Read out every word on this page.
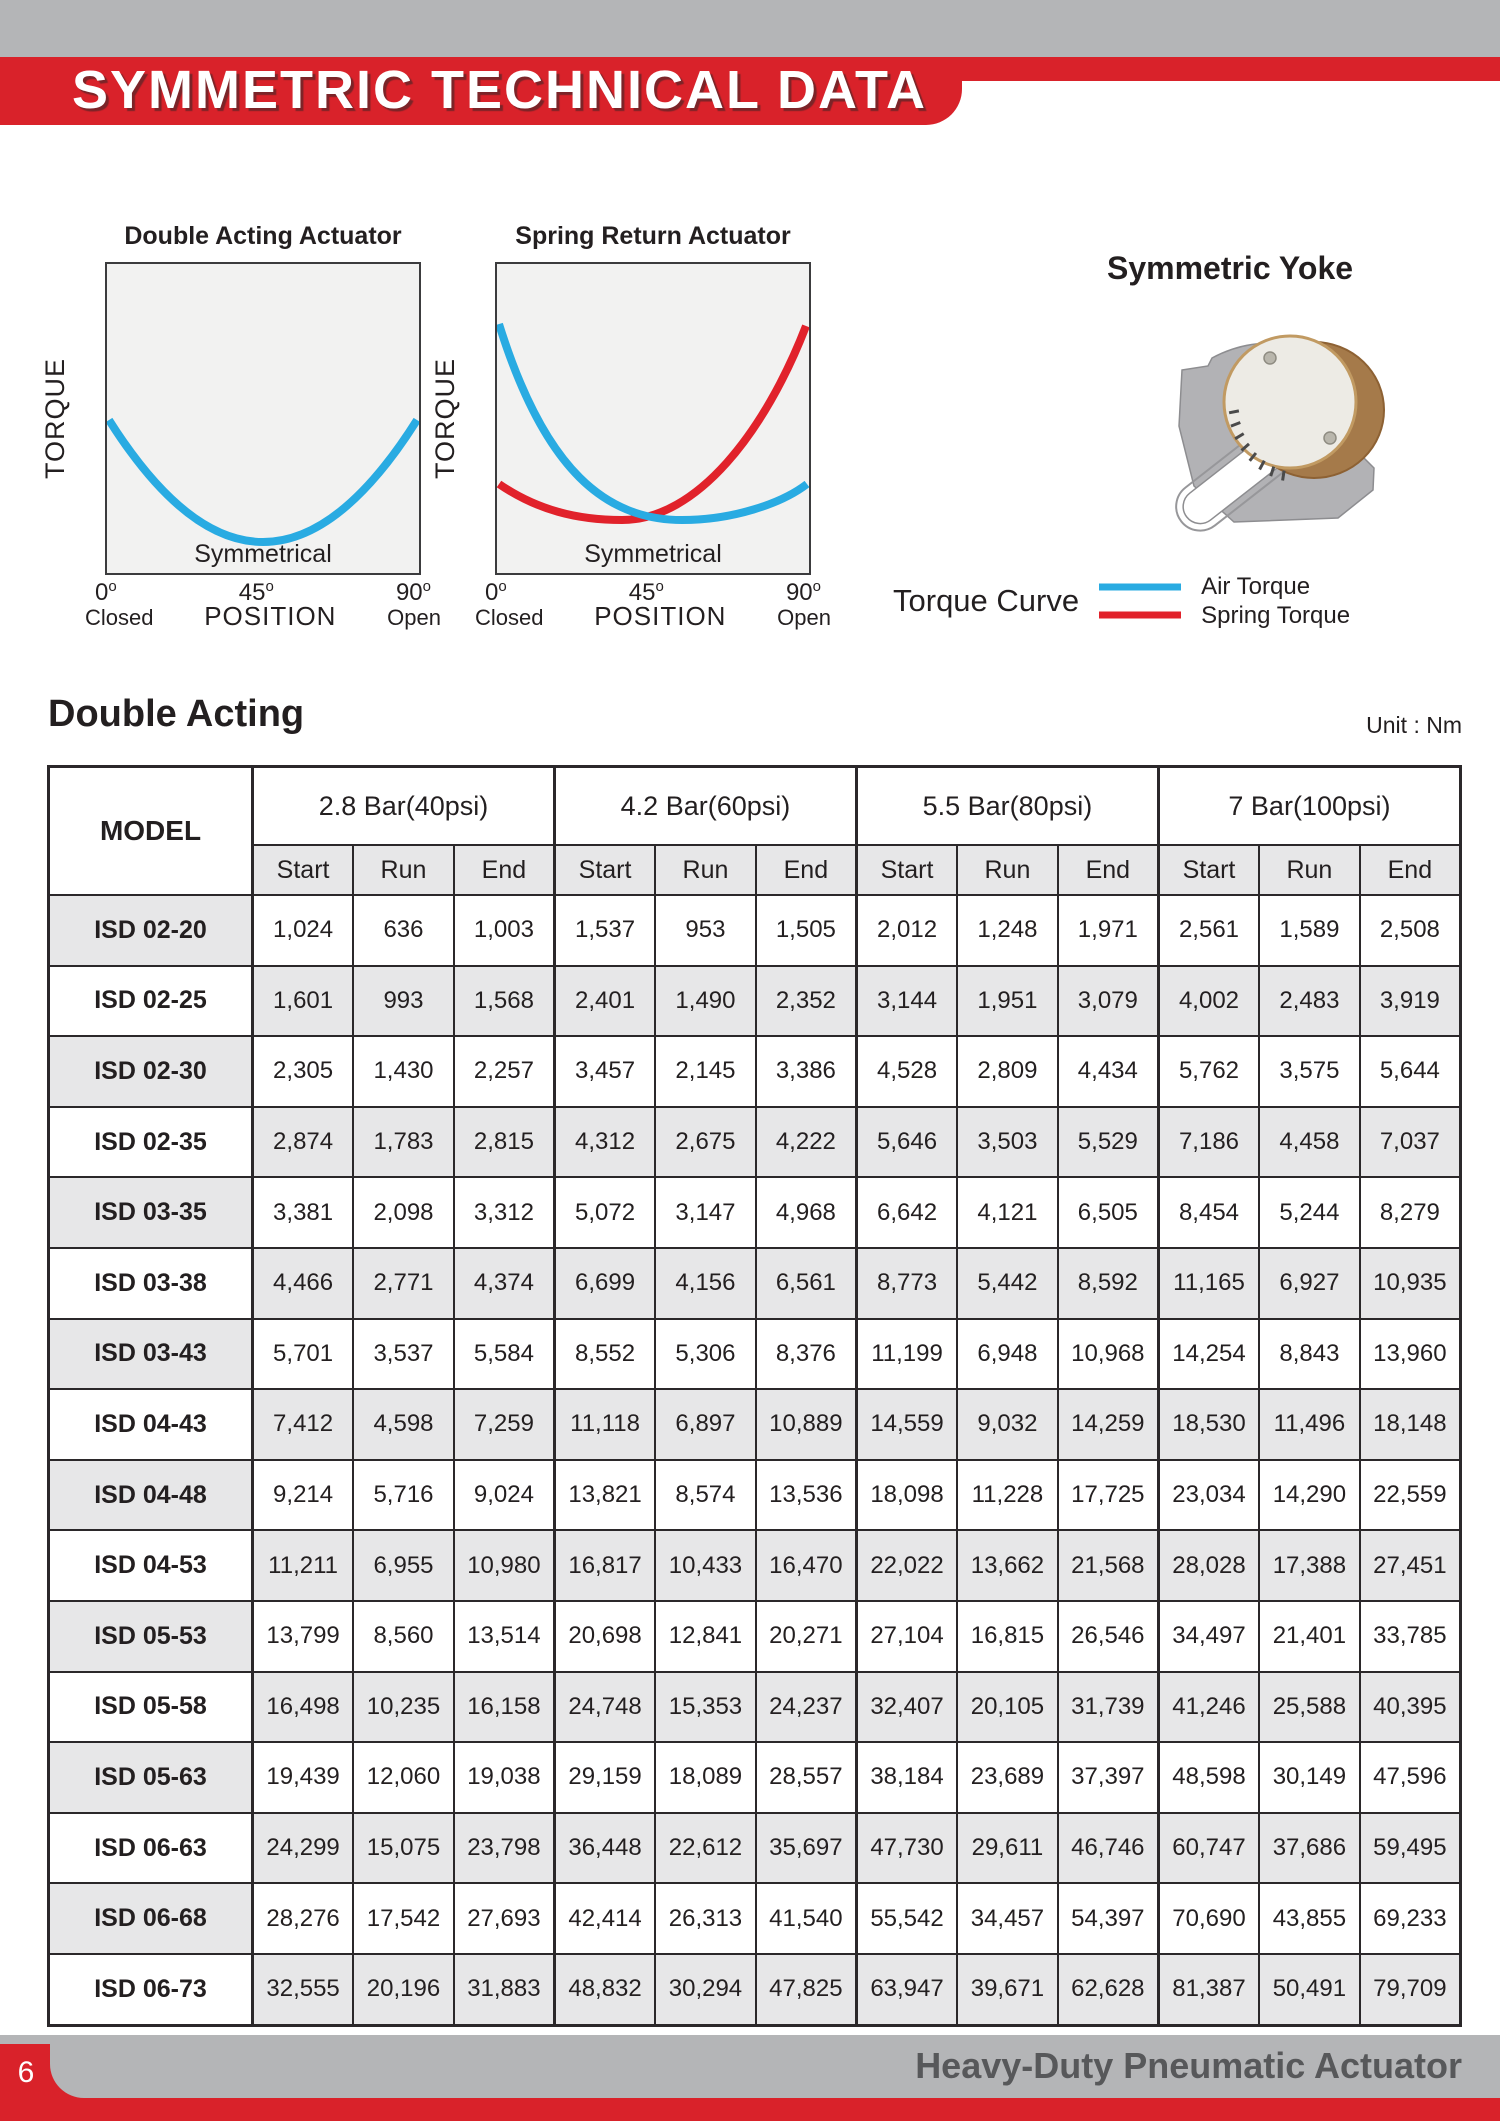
SYMMETRIC TECHNICAL DATA
Double Acting Actuator
TORQUE
Symmetrical
0$^o$	45$^o$	90$^o$
Closed POSITION Open
Spring Return Actuator
TORQUE
Symmetrical
0$^o$	45$^o$	90$^o$
Closed POSITION Open
Symmetric Yoke
Torque Curve	Air Torque
Spring Torque
Double Acting	Unit : Nm
MODEL	2.8 Bar(40psi)			4.2 Bar(60psi)			5.5 Bar(80psi)			7 Bar(100psi)		
	Start	Run	End	Start	Run	End	Start	Run	End	Start	Run	End
ISD 02-20	1,024	636	1,003	1,537	953	1,505	2,012	1,248	1,971	2,561	1,589	2,508
ISD 02-25	1,601	993	1,568	2,401	1,490	2,352	3,144	1,951	3,079	4,002	2,483	3,919
ISD 02-30	2,305	1,430	2,257	3,457	2,145	3,386	4,528	2,809	4,434	5,762	3,575	5,644
ISD 02-35	2,874	1,783	2,815	4,312	2,675	4,222	5,646	3,503	5,529	7,186	4,458	7,037
ISD 03-35	3,381	2,098	3,312	5,072	3,147	4,968	6,642	4,121	6,505	8,454	5,244	8,279
ISD 03-38	4,466	2,771	4,374	6,699	4,156	6,561	8,773	5,442	8,592	11,165	6,927	10,935
ISD 03-43	5,701	3,537	5,584	8,552	5,306	8,376	11,199	6,948	10,968	14,254	8,843	13,960
ISD 04-43	7,412	4,598	7,259	11,118	6,897	10,889	14,559	9,032	14,259	18,530	11,496	18,148
ISD 04-48	9,214	5,716	9,024	13,821	8,574	13,536	18,098	11,228	17,725	23,034	14,290	22,559
ISD 04-53	11,211	6,955	10,980	16,817	10,433	16,470	22,022	13,662	21,568	28,028	17,388	27,451
ISD 05-53	13,799	8,560	13,514	20,698	12,841	20,271	27,104	16,815	26,546	34,497	21,401	33,785
ISD 05-58	16,498	10,235	16,158	24,748	15,353	24,237	32,407	20,105	31,739	41,246	25,588	40,395
ISD 05-63	19,439	12,060	19,038	29,159	18,089	28,557	38,184	23,689	37,397	48,598	30,149	47,596
ISD 06-63	24,299	15,075	23,798	36,448	22,612	35,697	47,730	29,611	46,746	60,747	37,686	59,495
ISD 06-68	28,276	17,542	27,693	42,414	26,313	41,540	55,542	34,457	54,397	70,690	43,855	69,233
ISD 06-73	32,555	20,196	31,883	48,832	30,294	47,825	63,947	39,671	62,628	81,387	50,491	79,709
6	Heavy-Duty Pneumatic Actuator
